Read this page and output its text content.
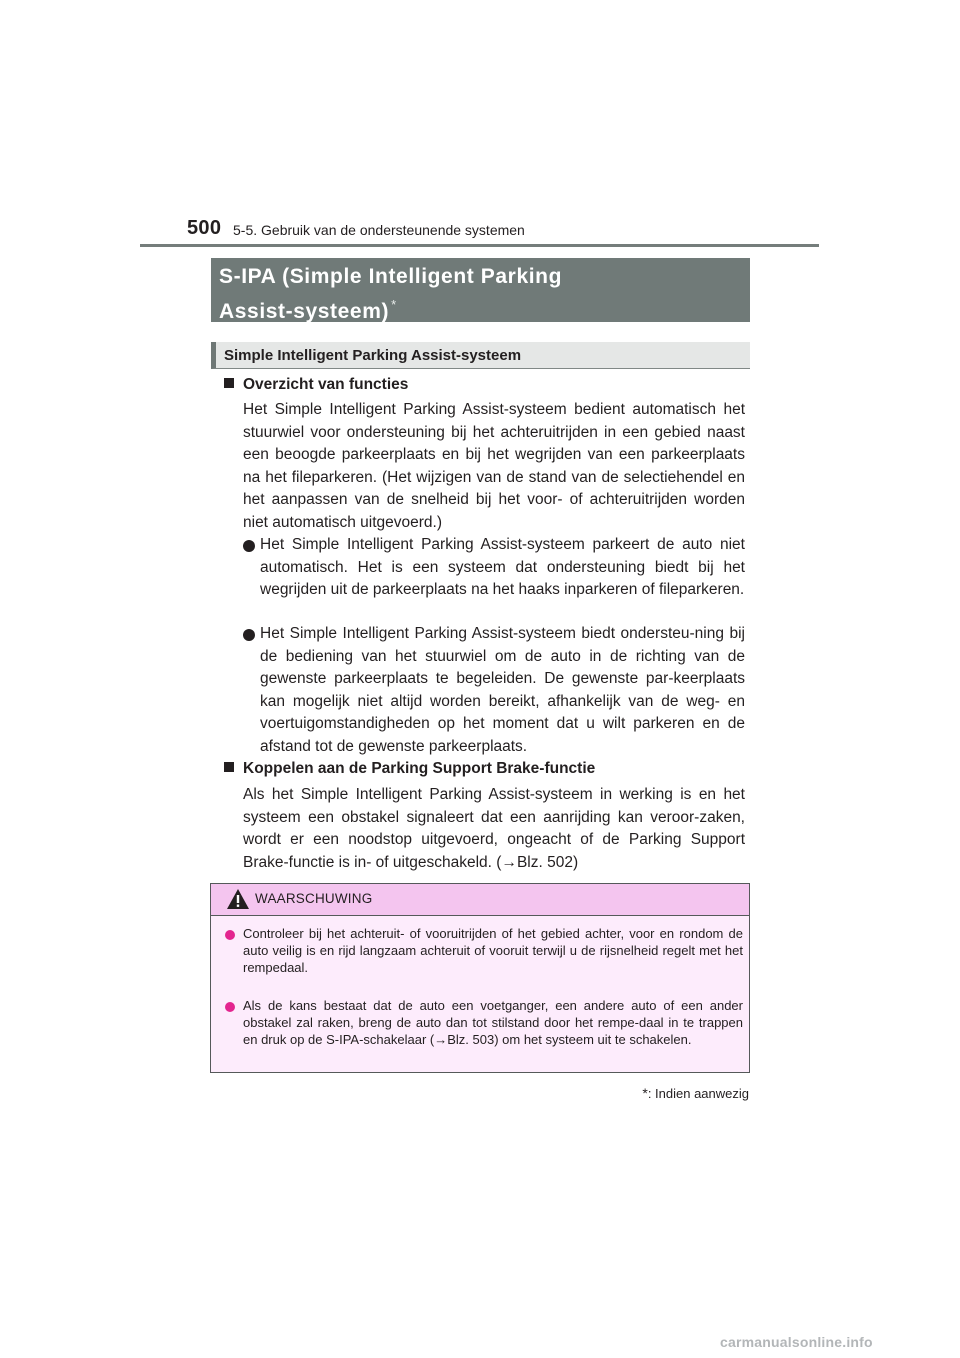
500 5-5. Gebruik van de ondersteunende systemen
S-IPA (Simple Intelligent Parking
Assist-systeem) *
Simple Intelligent Parking Assist-systeem
Overzicht van functies
Het Simple Intelligent Parking Assist-systeem bedient automatisch het stuurwiel voor ondersteuning bij het achteruitrijden in een gebied naast een beoogde parkeerplaats en bij het wegrijden van een parkeerplaats na het fileparkeren. (Het wijzigen van de stand van de selectiehendel en het aanpassen van de snelheid bij het voor- of achteruitrijden worden niet automatisch uitgevoerd.)
Het Simple Intelligent Parking Assist-systeem parkeert de auto niet automatisch. Het is een systeem dat ondersteuning biedt bij het wegrijden uit de parkeerplaats na het haaks inparkeren of fileparkeren.
Het Simple Intelligent Parking Assist-systeem biedt ondersteu-ning bij de bediening van het stuurwiel om de auto in de richting van de gewenste parkeerplaats te begeleiden. De gewenste par-keerplaats kan mogelijk niet altijd worden bereikt, afhankelijk van de weg- en voertuigomstandigheden op het moment dat u wilt parkeren en de afstand tot de gewenste parkeerplaats.
Koppelen aan de Parking Support Brake-functie
Als het Simple Intelligent Parking Assist-systeem in werking is en het systeem een obstakel signaleert dat een aanrijding kan veroor-zaken, wordt er een noodstop uitgevoerd, ongeacht of de Parking Support Brake-functie is in- of uitgeschakeld. (→Blz. 502)
WAARSCHUWING
Controleer bij het achteruit- of vooruitrijden of het gebied achter, voor en rondom de auto veilig is en rijd langzaam achteruit of vooruit terwijl u de rijsnelheid regelt met het rempedaal.
Als de kans bestaat dat de auto een voetganger, een andere auto of een ander obstakel zal raken, breng de auto dan tot stilstand door het rempe-daal in te trappen en druk op de S-IPA-schakelaar (→Blz. 503) om het systeem uit te schakelen.
*: Indien aanwezig
carmanualsonline.info
